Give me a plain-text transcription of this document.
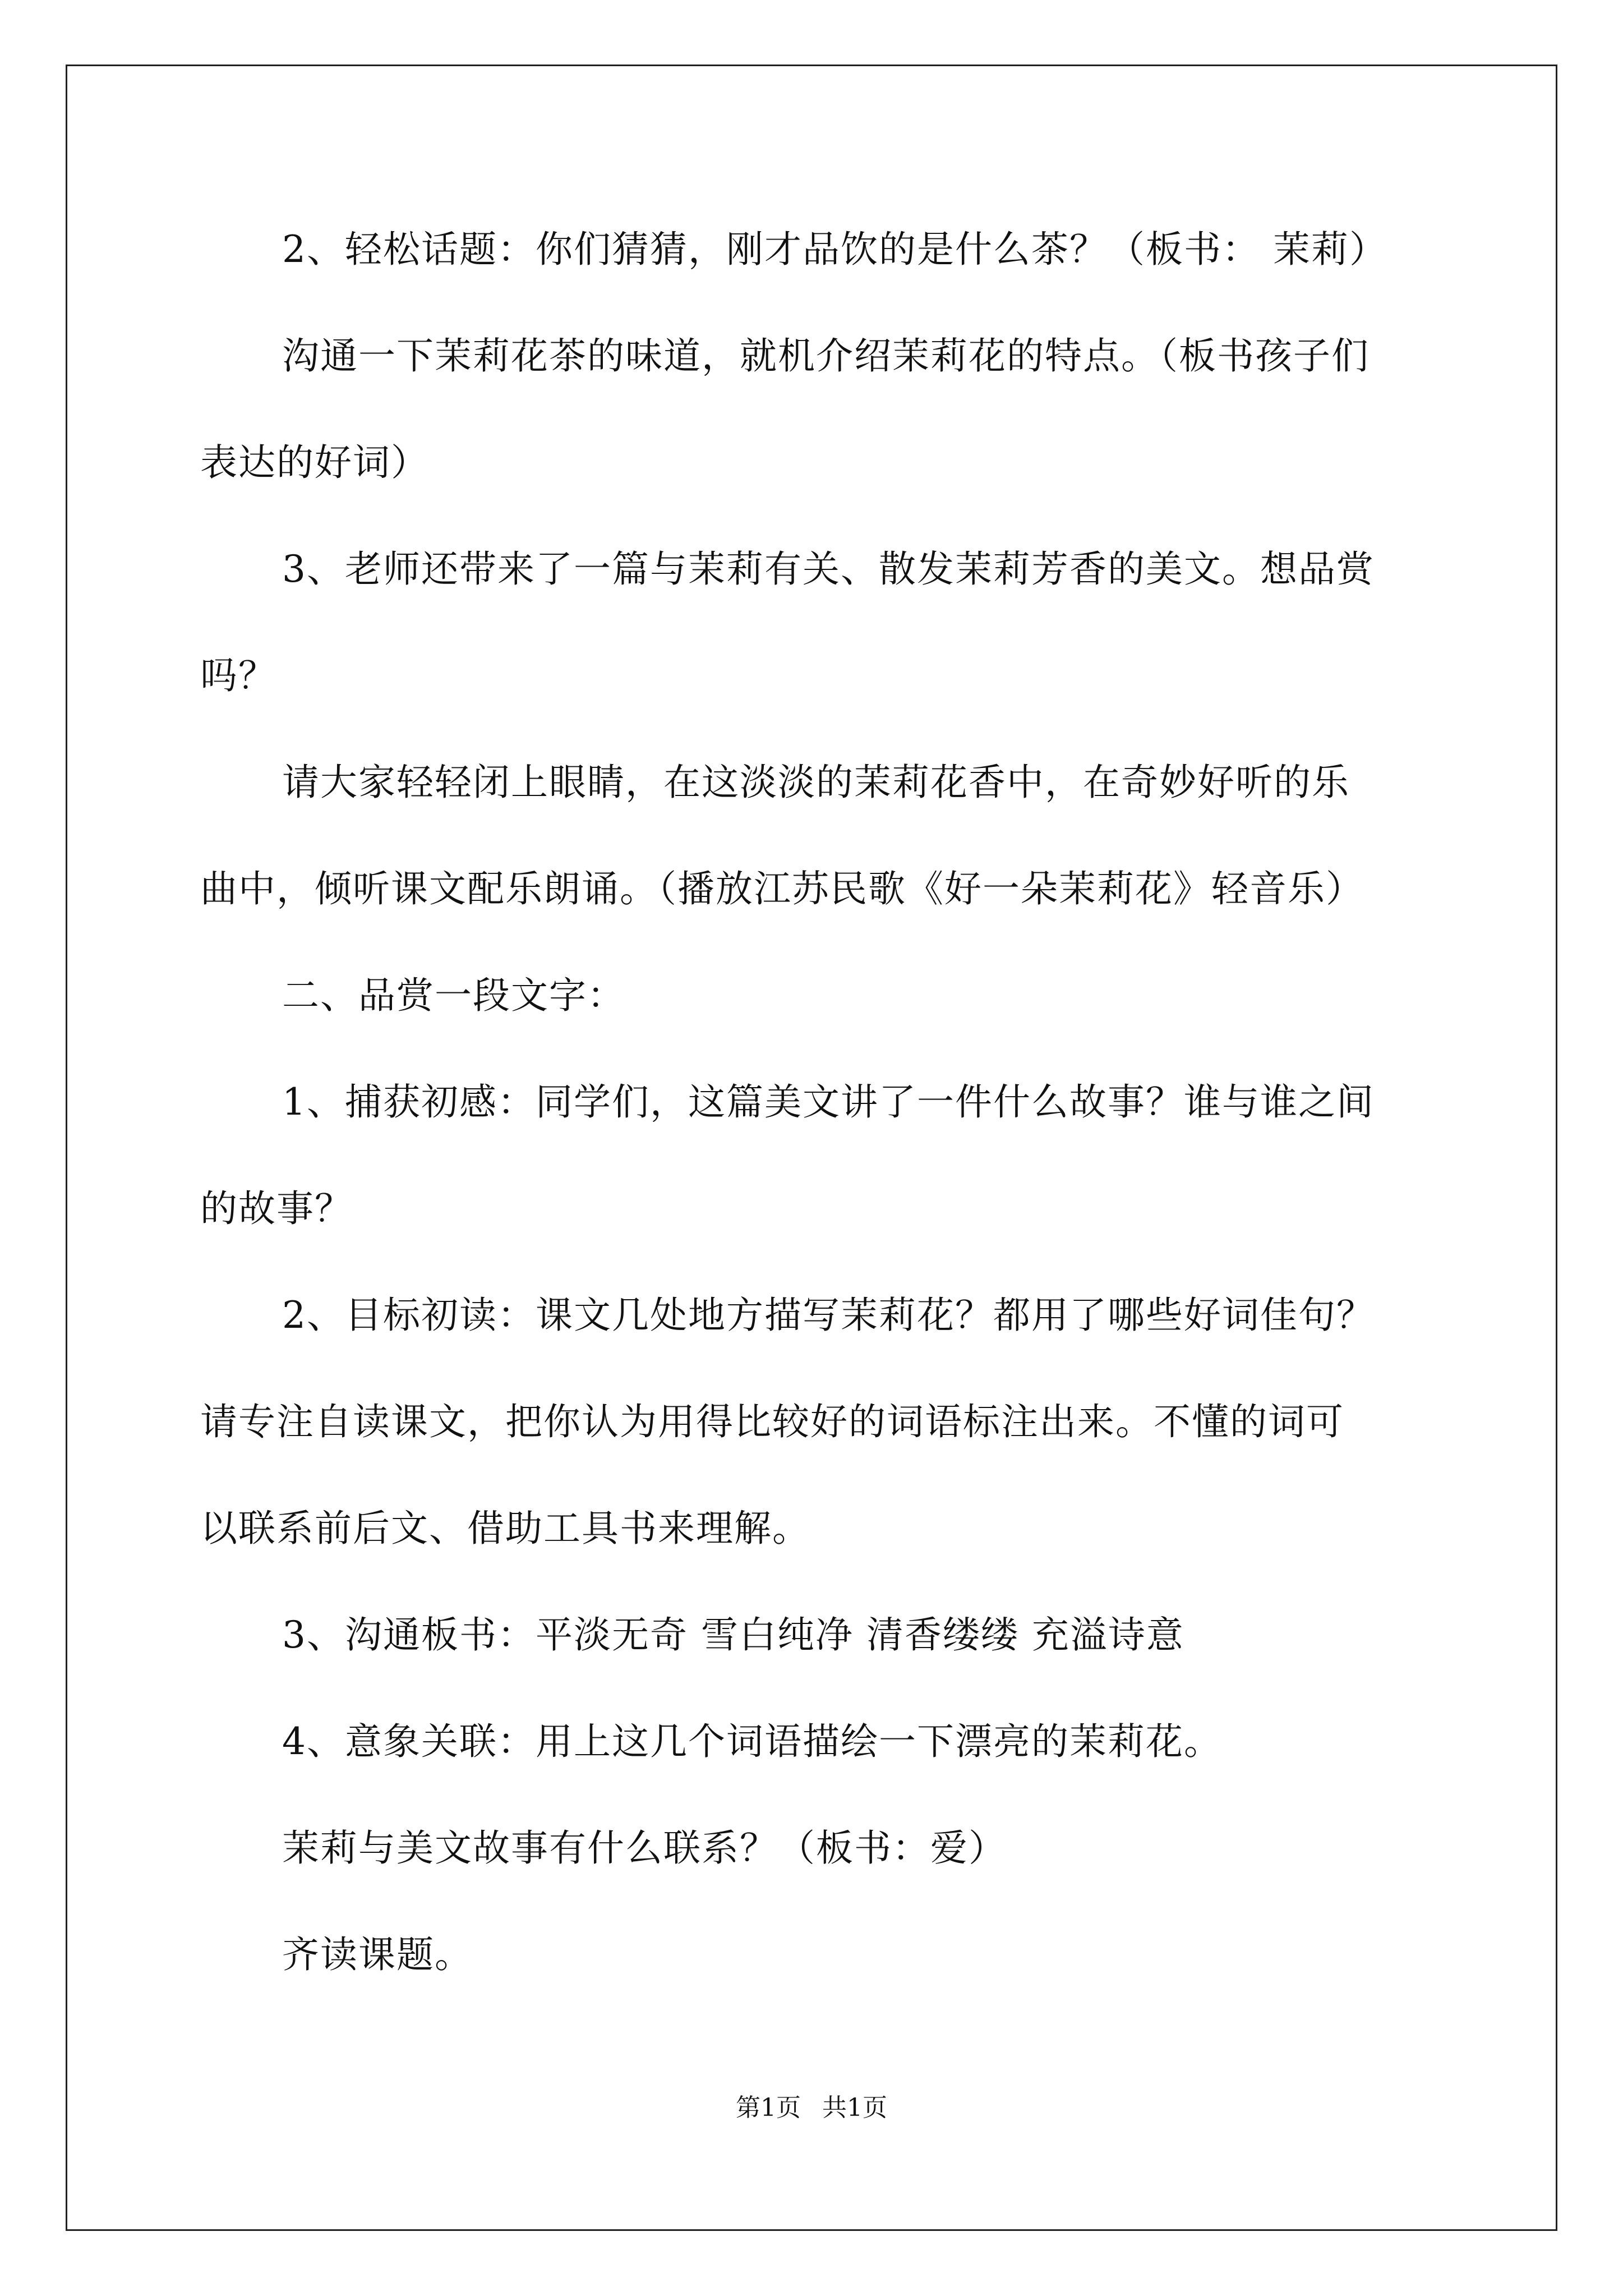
2、轻松话题：你们猜猜，刚才品饮的是什么茶？（板书： 茉莉）
沟通一下茉莉花茶的味道，就机介绍茉莉花的特点。（板书孩子们
表达的好词）
3、老师还带来了一篇与茉莉有关、散发茉莉芳香的美文。想品赏
吗？
请大家轻轻闭上眼睛，在这淡淡的茉莉花香中，在奇妙好听的乐
曲中，倾听课文配乐朗诵。（播放江苏民歌《好一朵茉莉花》轻音乐）
二、品赏一段文字：
1、捕获初感：同学们，这篇美文讲了一件什么故事？谁与谁之间
的故事？
2、目标初读：课文几处地方描写茉莉花？都用了哪些好词佳句？
请专注自读课文，把你认为用得比较好的词语标注出来。不懂的词可
以联系前后文、借助工具书来理解。
3、沟通板书：平淡无奇 雪白纯净 清香缕缕 充溢诗意
4、意象关联：用上这几个词语描绘一下漂亮的茉莉花。
茉莉与美文故事有什么联系？（板书：爱）
齐读课题。
第1页 共1页
